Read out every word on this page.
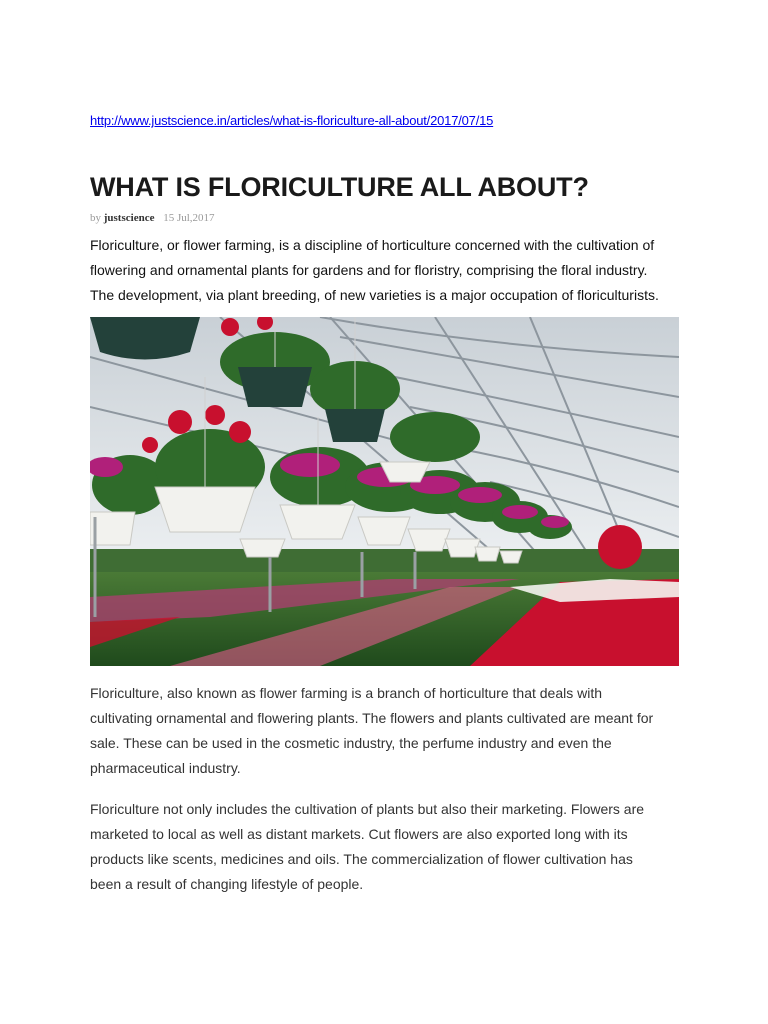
http://www.justscience.in/articles/what-is-floriculture-all-about/2017/07/15
WHAT IS FLORICULTURE ALL ABOUT?
by justscience 15 Jul,2017

Floriculture, or flower farming, is a discipline of horticulture concerned with the cultivation of
flowering and ornamental plants for gardens and for floristry, comprising the floral industry.
The development, via plant breeding, of new varieties is a major occupation of floriculturists.

Floriculture, also known as flower farming is a branch of horticulture that deals with
cultivating ornamental and flowering plants. The flowers and plants cultivated are meant for
sale. These can be used in the cosmetic industry, the perfume industry and even the
pharmaceutical industry.

Floriculture not only includes the cultivation of plants but also their marketing. Flowers are
marketed to local as well as distant markets. Cut flowers are also exported long with its
products like scents, medicines and oils. The commercialization of flower cultivation has
been a result of changing lifestyle of people.
